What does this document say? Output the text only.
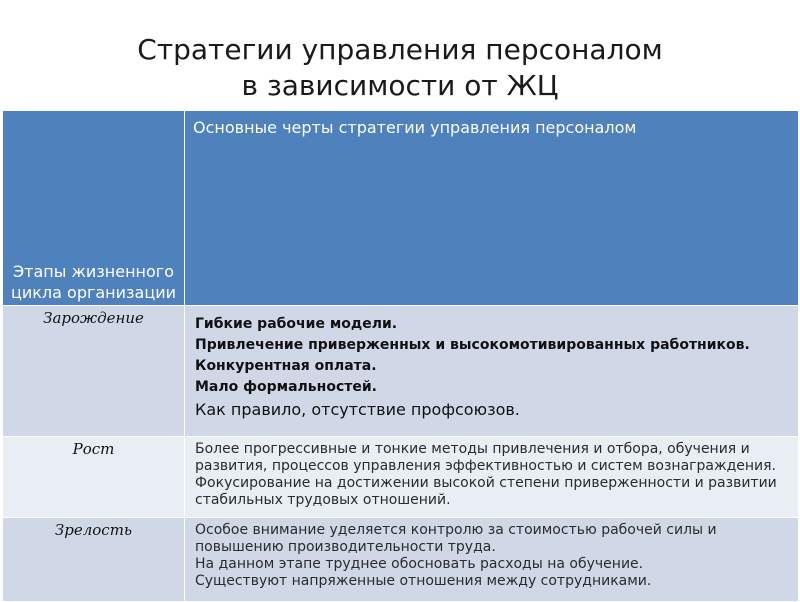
Стратегии управления персоналом
в зависимости от ЖЦ
Этапы жизненного цикла организации	Основные черты стратегии управления персоналом

Зарождение	Гибкие рабочие модели.
Привлечение приверженных и высокомотивированных работников.
Конкурентная оплата.
Мало формальностей.
Как правило, отсутствие профсоюзов.

Рост	Более прогрессивные и тонкие методы привлечения и отбора, обучения и развития, процессов управления эффективностью и систем вознаграждения. Фокусирование на достижении высокой степени приверженности и развитии стабильных трудовых отношений.

Зрелость	Особое внимание уделяется контролю за стоимостью рабочей силы и повышению производительности труда.
На данном этапе труднее обосновать расходы на обучение.
Существуют напряженные отношения между сотрудниками.
